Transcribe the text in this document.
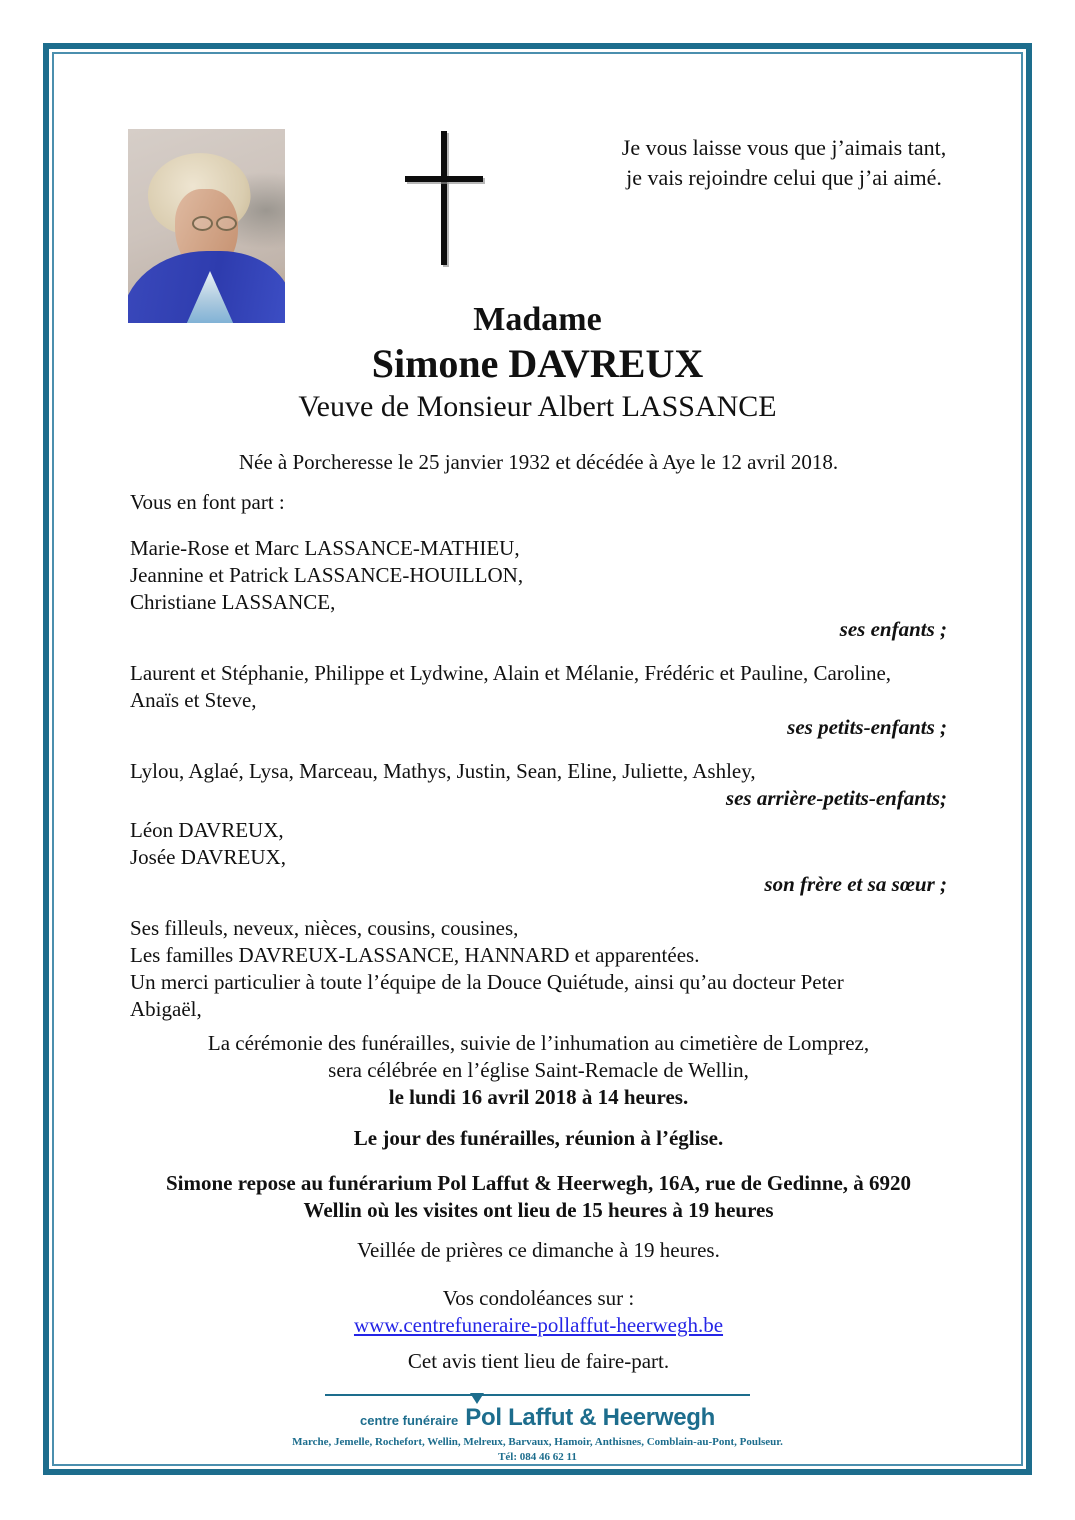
Je vous laisse vous que j’aimais tant,
je vais rejoindre celui que j’ai aimé.
Madame
Simone DAVREUX
Veuve de Monsieur Albert LASSANCE
Née à Porcheresse le 25 janvier 1932 et décédée à Aye le 12 avril 2018.
Vous en font part :
Marie-Rose et Marc LASSANCE-MATHIEU,
Jeannine et Patrick LASSANCE-HOUILLON,
Christiane LASSANCE,
ses enfants ;
Laurent et Stéphanie, Philippe et Lydwine, Alain et Mélanie, Frédéric et Pauline, Caroline,
Anaïs et Steve,
ses petits-enfants ;
Lylou, Aglaé, Lysa, Marceau, Mathys, Justin, Sean, Eline, Juliette, Ashley,
ses arrière-petits-enfants;
Léon DAVREUX,
Josée DAVREUX,
son frère et sa sœur ;
Ses filleuls, neveux, nièces, cousins, cousines,
Les familles DAVREUX-LASSANCE, HANNARD et apparentées.
Un merci particulier à toute l’équipe de la Douce Quiétude, ainsi qu’au docteur Peter
Abigaël,
La cérémonie des funérailles, suivie de l’inhumation au cimetière de Lomprez,
sera célébrée en l’église Saint-Remacle de Wellin,
le lundi 16 avril 2018 à 14 heures.
Le jour des funérailles, réunion à l’église.
Simone repose au funérarium Pol Laffut & Heerwegh, 16A, rue de Gedinne, à 6920
Wellin où les visites ont lieu de 15 heures à 19 heures
Veillée de prières ce dimanche à 19 heures.
Vos condoléances sur :
www.centrefuneraire-pollaffut-heerwegh.be
Cet avis tient lieu de faire-part.
centre funéraire Pol Laffut & Heerwegh
Marche, Jemelle, Rochefort, Wellin, Melreux, Barvaux, Hamoir, Anthisnes, Comblain-au-Pont, Poulseur.
Tél: 084 46 62 11
